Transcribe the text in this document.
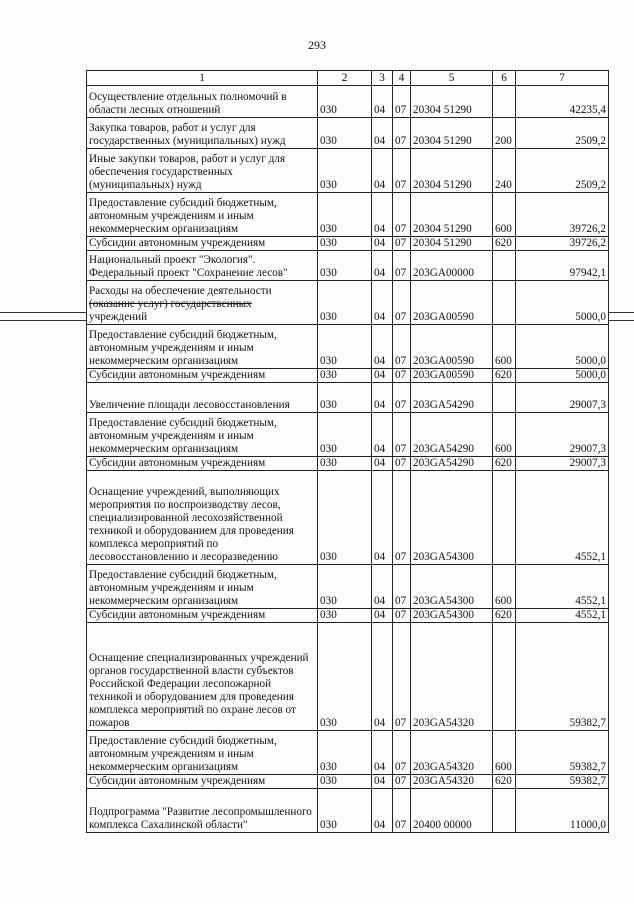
293
1	2	3	4	5	6	7
Осуществление отдельных полномочий в области лесных отношений	030	04	07	20304 51290		42235,4
Закупка товаров, работ и услуг для государственных (муниципальных) нужд	030	04	07	20304 51290	200	2509,2
Иные закупки товаров, работ и услуг для обеспечения государственных (муниципальных) нужд	030	04	07	20304 51290	240	2509,2
Предоставление субсидий бюджетным, автономным учреждениям и иным некоммерческим организациям	030	04	07	20304 51290	600	39726,2
Субсидии автономным учреждениям	030	04	07	20304 51290	620	39726,2
Национальный проект "Экология". Федеральный проект "Сохранение лесов"	030	04	07	203GA00000		97942,1

Расходы на обеспечение деятельности
(оказание услуг) государственных
учреждений	030	04	07	203GA00590		5000,0
Предоставление субсидий бюджетным, автономным учреждениям и иным некоммерческим организациям	030	04	07	203GA00590	600	5000,0
Субсидии автономным учреждениям	030	04	07	203GA00590	620	5000,0
Увеличение площади лесовосстановления	030	04	07	203GA54290		29007,3
Предоставление субсидий бюджетным, автономным учреждениям и иным некоммерческим организациям	030	04	07	203GA54290	600	29007,3
Субсидии автономным учреждениям	030	04	07	203GA54290	620	29007,3
Оснащение учреждений, выполняющих мероприятия по воспроизводству лесов, специализированной лесохозяйственной техникой и оборудованием для проведения комплекса мероприятий по лесовосстановлению и лесоразведению	030	04	07	203GA54300		4552,1
Предоставление субсидий бюджетным, автономным учреждениям и иным некоммерческим организациям	030	04	07	203GA54300	600	4552,1
Субсидии автономным учреждениям	030	04	07	203GA54300	620	4552,1
Оснащение специализированных учреждений органов государственной власти субъектов Российской Федерации лесопожарной техникой и оборудованием для проведения комплекса мероприятий по охране лесов от пожаров	030	04	07	203GA54320		59382,7
Предоставление субсидий бюджетным, автономным учреждениям и иным некоммерческим организациям	030	04	07	203GA54320	600	59382,7
Субсидии автономным учреждениям	030	04	07	203GA54320	620	59382,7
Подпрограмма "Развитие лесопромышленного комплекса Сахалинской области"	030	04	07	20400 00000		11000,0
